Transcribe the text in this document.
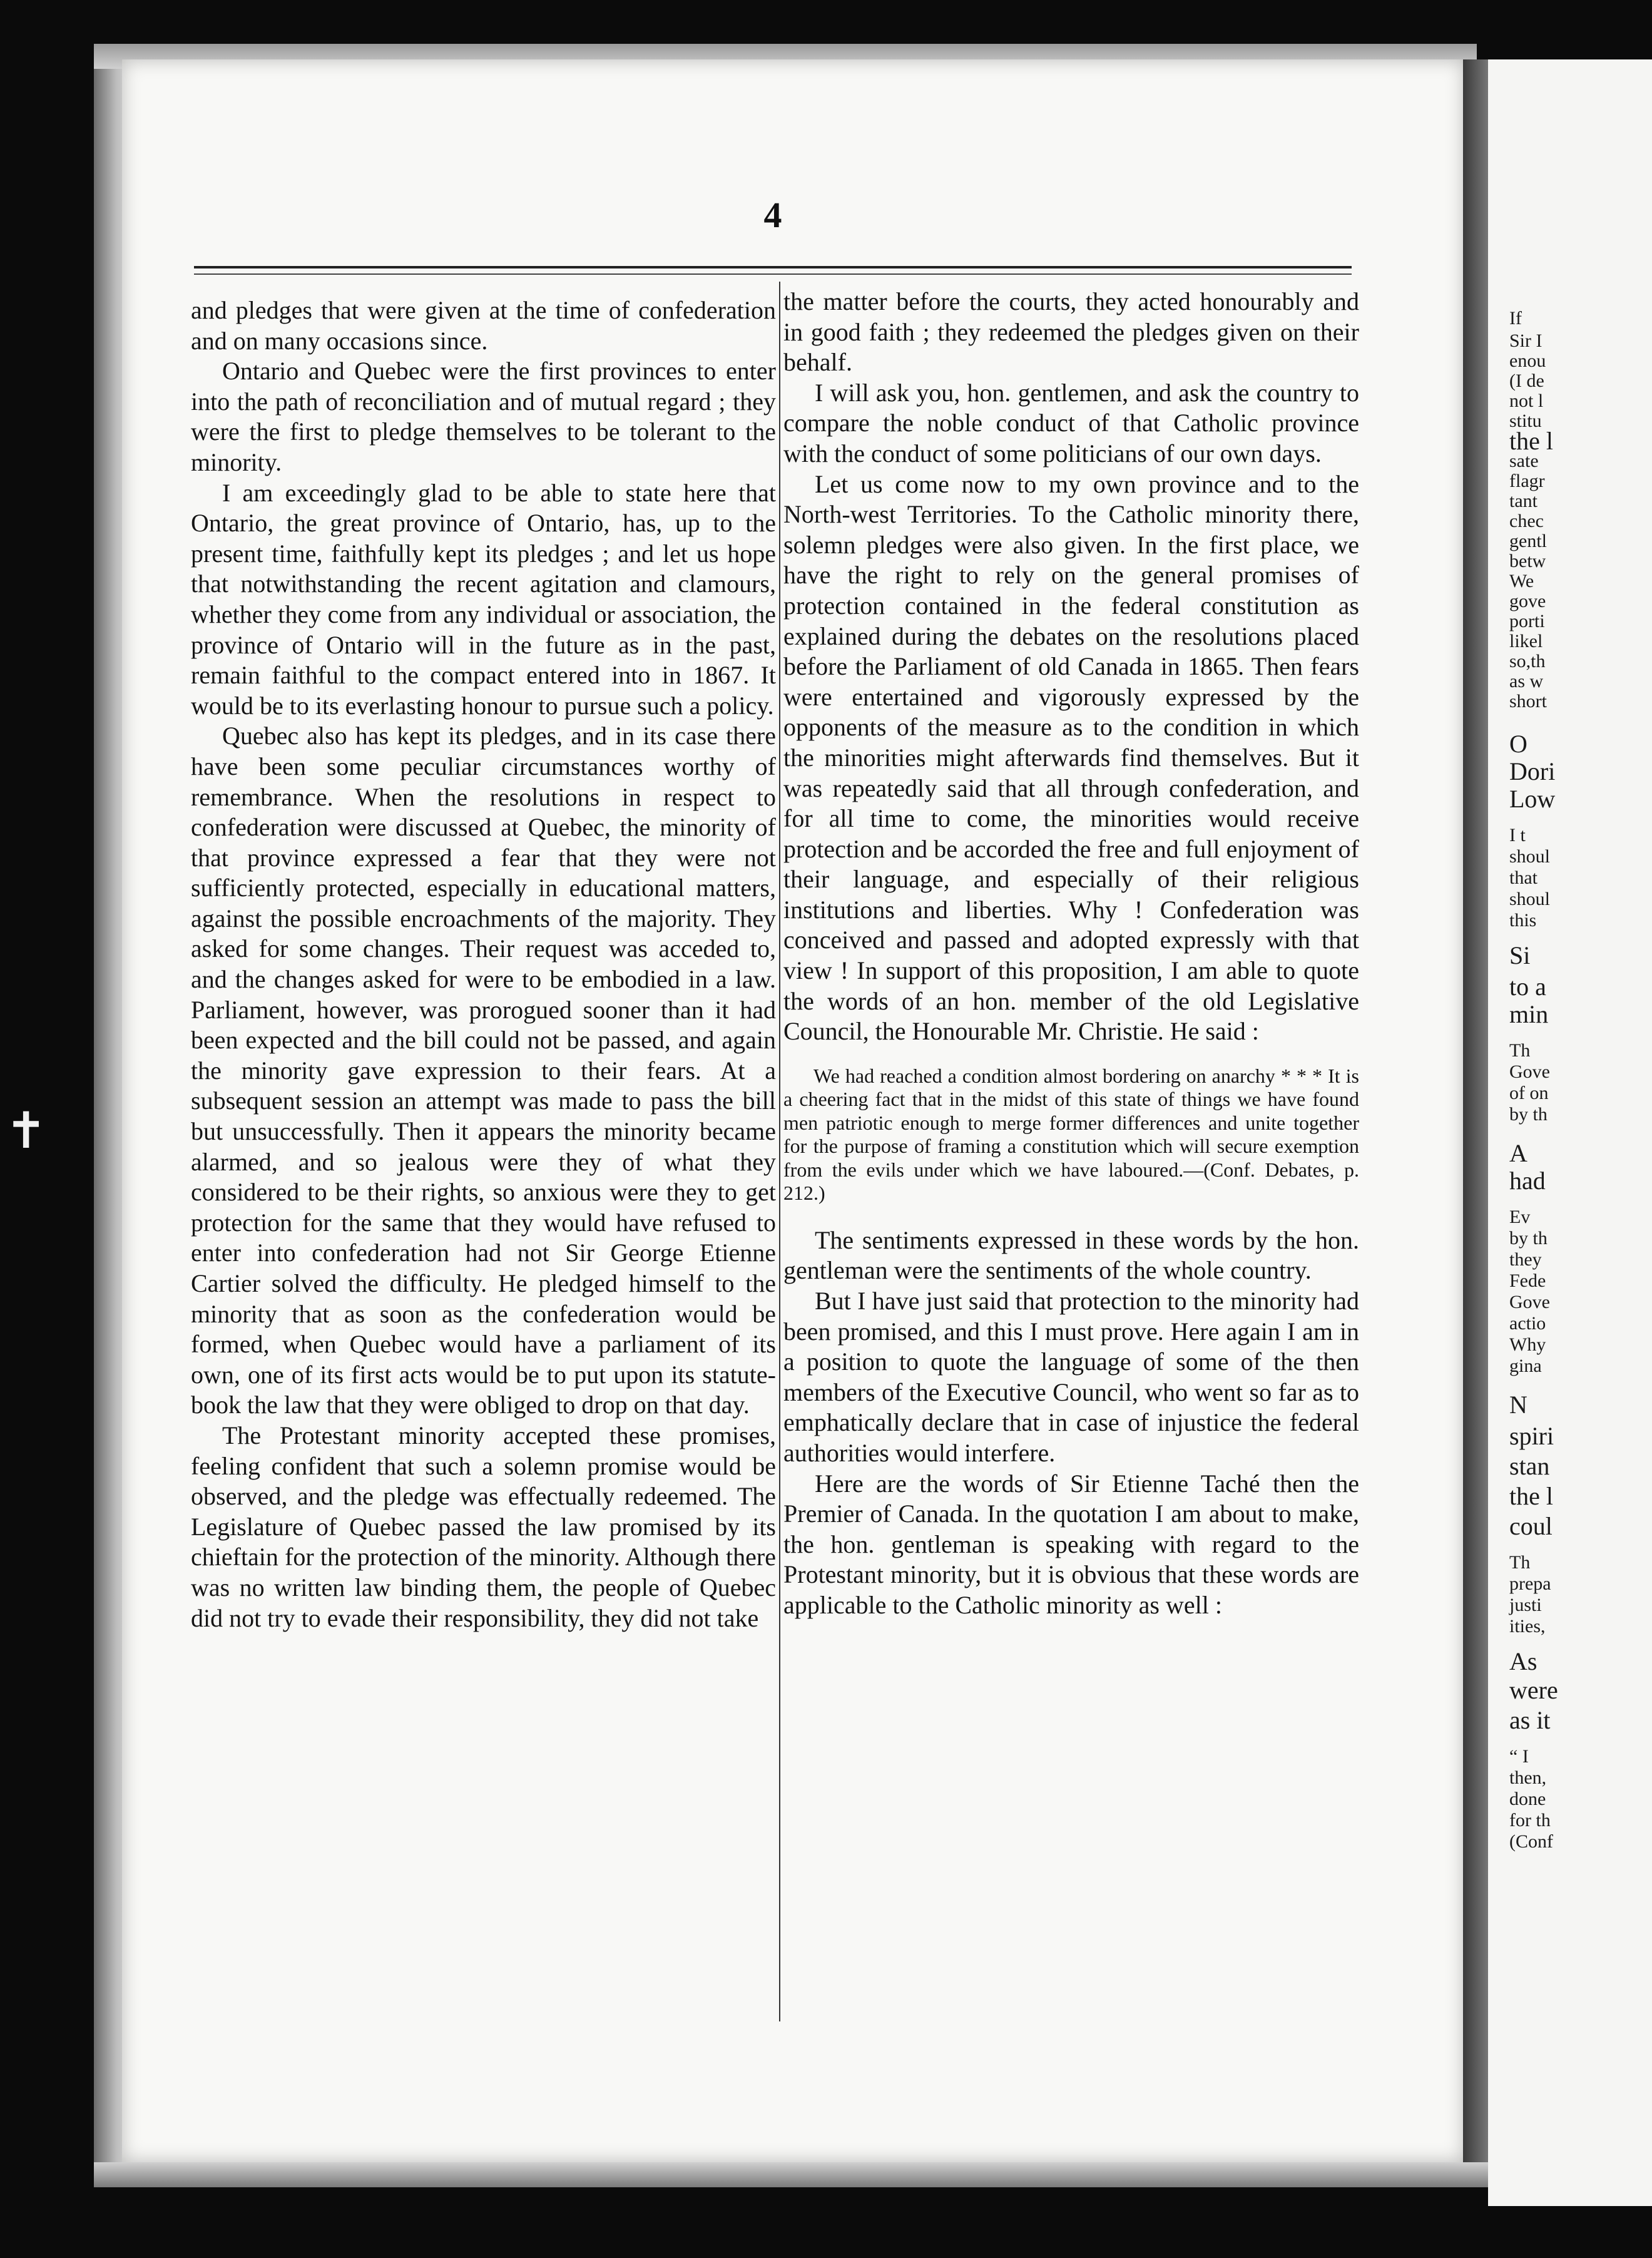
✝
4

and pledges that were given at the time of confederation and on many occasions since.

Ontario and Quebec were the first provinces to enter into the path of reconciliation and of mutual regard ; they were the first to pledge themselves to be tolerant to the minority.

I am exceedingly glad to be able to state here that Ontario, the great province of Ontario, has, up to the present time, faithfully kept its pledges ; and let us hope that notwithstanding the recent agitation and clamours, whether they come from any individual or association, the province of Ontario will in the future as in the past, remain faithful to the compact entered into in 1867. It would be to its everlasting honour to pursue such a policy.

Quebec also has kept its pledges, and in its case there have been some peculiar circumstances worthy of remembrance. When the resolutions in respect to confederation were discussed at Quebec, the minority of that province expressed a fear that they were not sufficiently protected, especially in educational matters, against the possible encroachments of the majority. They asked for some changes. Their request was acceded to, and the changes asked for were to be embodied in a law. Parliament, however, was prorogued sooner than it had been expected and the bill could not be passed, and again the minority gave expression to their fears. At a subsequent session an attempt was made to pass the bill but unsuccessfully. Then it appears the minority became alarmed, and so jealous were they of what they considered to be their rights, so anxious were they to get protection for the same that they would have refused to enter into confederation had not Sir George Etienne Cartier solved the difficulty. He pledged himself to the minority that as soon as the confederation would be formed, when Quebec would have a parliament of its own, one of its first acts would be to put upon its statute-book the law that they were obliged to drop on that day.

The Protestant minority accepted these promises, feeling confident that such a solemn promise would be observed, and the pledge was effectually redeemed. The Legislature of Quebec passed the law promised by its chieftain for the protection of the minority. Although there was no written law binding them, the people of Quebec did not try to evade their responsibility, they did not take

the matter before the courts, they acted honourably and in good faith ; they redeemed the pledges given on their behalf.

I will ask you, hon. gentlemen, and ask the country to compare the noble conduct of that Catholic province with the conduct of some politicians of our own days.

Let us come now to my own province and to the North-west Territories. To the Catholic minority there, solemn pledges were also given. In the first place, we have the right to rely on the general promises of protection contained in the federal constitution as explained during the debates on the resolutions placed before the Parliament of old Canada in 1865. Then fears were entertained and vigorously expressed by the opponents of the measure as to the condition in which the minorities might afterwards find themselves. But it was repeatedly said that all through confederation, and for all time to come, the minorities would receive protection and be accorded the free and full enjoyment of their language, and especially of their religious institutions and liberties. Why ! Confederation was conceived and passed and adopted expressly with that view ! In support of this proposition, I am able to quote the words of an hon. member of the old Legislative Council, the Honourable Mr. Christie. He said :

We had reached a condition almost bordering on anarchy * * * It is a cheering fact that in the midst of this state of things we have found men patriotic enough to merge former differences and unite together for the purpose of framing a constitution which will secure exemption from the evils under which we have laboured.—(Conf. Debates, p. 212.)

The sentiments expressed in these words by the hon. gentleman were the sentiments of the whole country.

But I have just said that protection to the minority had been promised, and this I must prove. Here again I am in a position to quote the language of some of the then members of the Executive Council, who went so far as to emphatically declare that in case of injustice the federal authorities would interfere.

Here are the words of Sir Etienne Taché then the Premier of Canada. In the quotation I am about to make, the hon. gentleman is speaking with regard to the Protestant minority, but it is obvious that these words are applicable to the Catholic minority as well :

If
Sir I
enou
(I de
not l
stitu
the l
sate
flagr
tant
chec
gentl
betw
We
gove
porti
likel
so,th
as w
short
O
Dori
Low
I t
shoul
that
shoul
this
Si
to a
min
Th
Gove
of on
by th
A
had
Ev
by th
they
Fede
Gove
actio
Why
gina
N
spiri
stan
the l
coul
Th
prepa
justi
ities,
As
were
as it
“ I
then,
done
for th
(Conf
